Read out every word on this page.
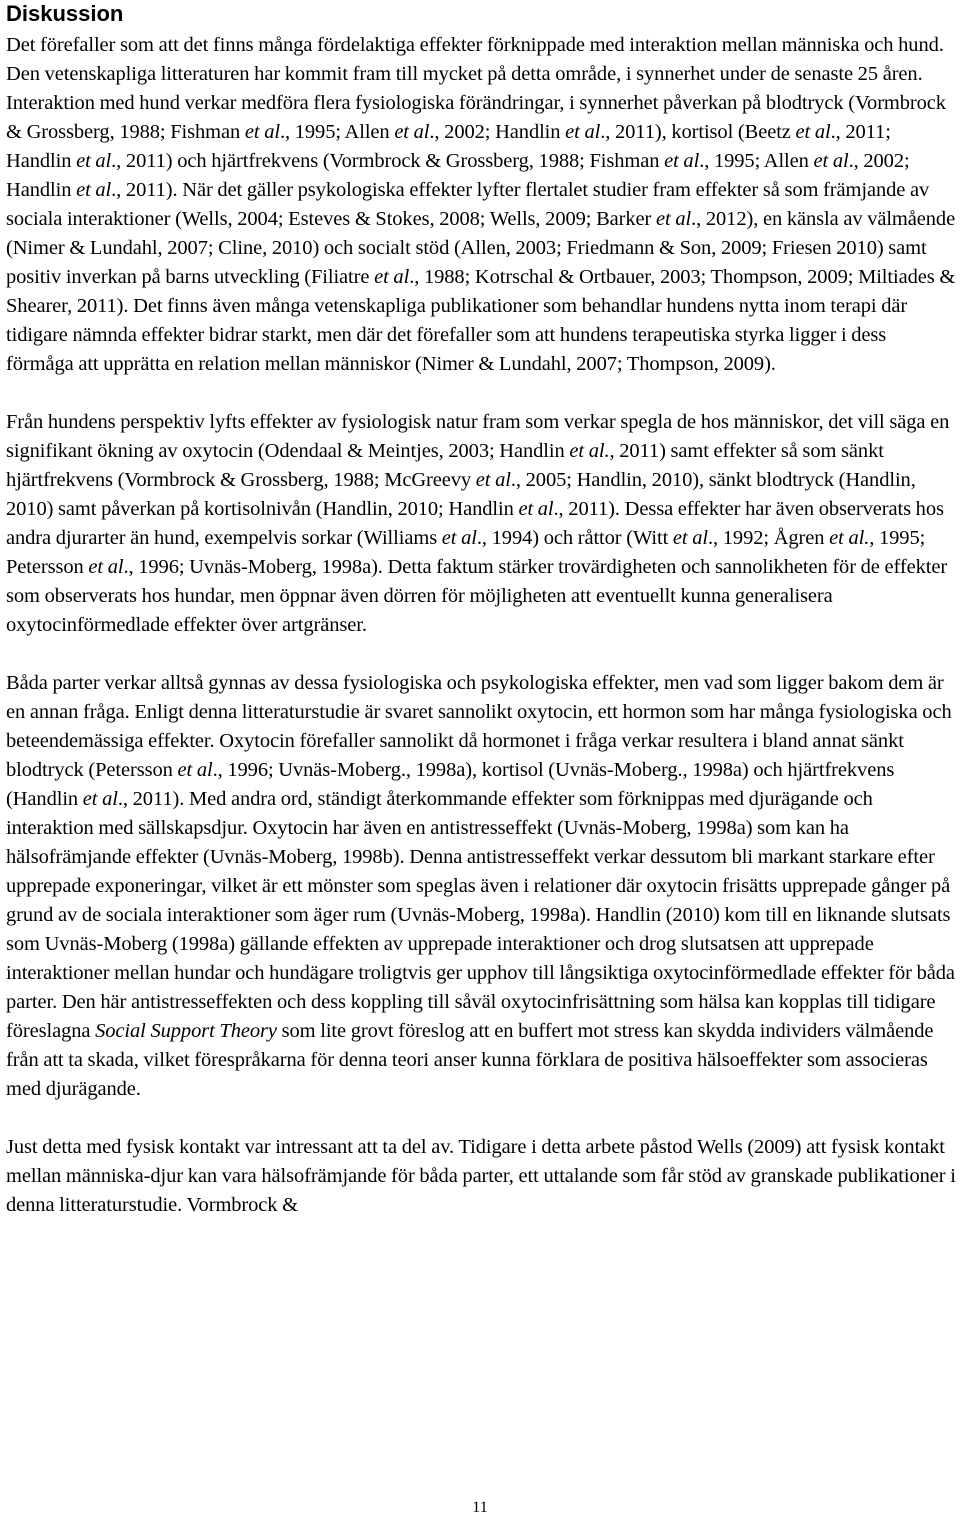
Diskussion

Det förefaller som att det finns många fördelaktiga effekter förknippade med interaktion mellan människa och hund. Den vetenskapliga litteraturen har kommit fram till mycket på detta område, i synnerhet under de senaste 25 åren. Interaktion med hund verkar medföra flera fysiologiska förändringar, i synnerhet påverkan på blodtryck (Vormbrock & Grossberg, 1988; Fishman et al., 1995; Allen et al., 2002; Handlin et al., 2011), kortisol (Beetz et al., 2011; Handlin et al., 2011) och hjärtfrekvens (Vormbrock & Grossberg, 1988; Fishman et al., 1995; Allen et al., 2002; Handlin et al., 2011). När det gäller psykologiska effekter lyfter flertalet studier fram effekter så som främjande av sociala interaktioner (Wells, 2004; Esteves & Stokes, 2008; Wells, 2009; Barker et al., 2012), en känsla av välmående (Nimer & Lundahl, 2007; Cline, 2010) och socialt stöd (Allen, 2003; Friedmann & Son, 2009; Friesen 2010) samt positiv inverkan på barns utveckling (Filiatre et al., 1988; Kotrschal & Ortbauer, 2003; Thompson, 2009; Miltiades & Shearer, 2011). Det finns även många vetenskapliga publikationer som behandlar hundens nytta inom terapi där tidigare nämnda effekter bidrar starkt, men där det förefaller som att hundens terapeutiska styrka ligger i dess förmåga att upprätta en relation mellan människor (Nimer & Lundahl, 2007; Thompson, 2009).

Från hundens perspektiv lyfts effekter av fysiologisk natur fram som verkar spegla de hos människor, det vill säga en signifikant ökning av oxytocin (Odendaal & Meintjes, 2003; Handlin et al., 2011) samt effekter så som sänkt hjärtfrekvens (Vormbrock & Grossberg, 1988; McGreevy et al., 2005; Handlin, 2010), sänkt blodtryck (Handlin, 2010) samt påverkan på kortisolnivån (Handlin, 2010; Handlin et al., 2011). Dessa effekter har även observerats hos andra djurarter än hund, exempelvis sorkar (Williams et al., 1994) och råttor (Witt et al., 1992; Ågren et al., 1995; Petersson et al., 1996; Uvnäs-Moberg, 1998a). Detta faktum stärker trovärdigheten och sannolikheten för de effekter som observerats hos hundar, men öppnar även dörren för möjligheten att eventuellt kunna generalisera oxytocinförmedlade effekter över artgränser.

Båda parter verkar alltså gynnas av dessa fysiologiska och psykologiska effekter, men vad som ligger bakom dem är en annan fråga. Enligt denna litteraturstudie är svaret sannolikt oxytocin, ett hormon som har många fysiologiska och beteendemässiga effekter. Oxytocin förefaller sannolikt då hormonet i fråga verkar resultera i bland annat sänkt blodtryck (Petersson et al., 1996; Uvnäs-Moberg., 1998a), kortisol (Uvnäs-Moberg., 1998a) och hjärtfrekvens (Handlin et al., 2011). Med andra ord, ständigt återkommande effekter som förknippas med djurägande och interaktion med sällskapsdjur. Oxytocin har även en antistresseffekt (Uvnäs-Moberg, 1998a) som kan ha hälsofrämjande effekter (Uvnäs-Moberg, 1998b). Denna antistresseffekt verkar dessutom bli markant starkare efter upprepade exponeringar, vilket är ett mönster som speglas även i relationer där oxytocin frisätts upprepade gånger på grund av de sociala interaktioner som äger rum (Uvnäs-Moberg, 1998a). Handlin (2010) kom till en liknande slutsats som Uvnäs-Moberg (1998a) gällande effekten av upprepade interaktioner och drog slutsatsen att upprepade interaktioner mellan hundar och hundägare troligtvis ger upphov till långsiktiga oxytocinförmedlade effekter för båda parter. Den här antistresseffekten och dess koppling till såväl oxytocinfrisättning som hälsa kan kopplas till tidigare föreslagna Social Support Theory som lite grovt föreslog att en buffert mot stress kan skydda individers välmående från att ta skada, vilket förespråkarna för denna teori anser kunna förklara de positiva hälsoeffekter som associeras med djurägande.

Just detta med fysisk kontakt var intressant att ta del av. Tidigare i detta arbete påstod Wells (2009) att fysisk kontakt mellan människa-djur kan vara hälsofrämjande för båda parter, ett uttalande som får stöd av granskade publikationer i denna litteraturstudie. Vormbrock &

11
